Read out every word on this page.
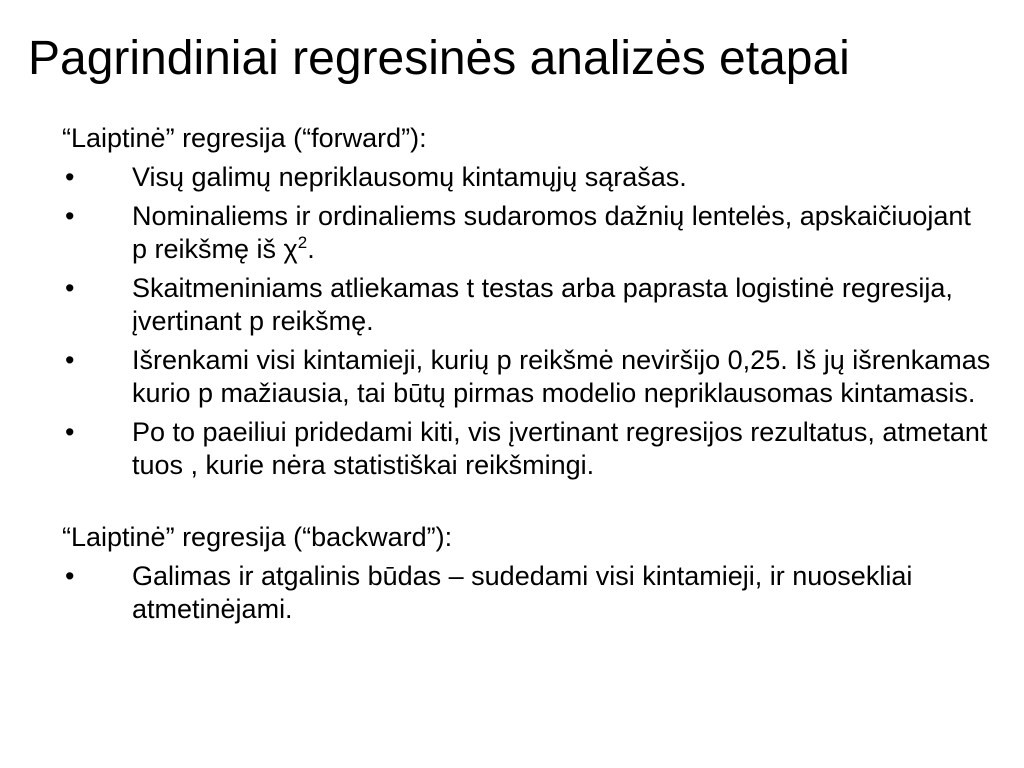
Pagrindiniai regresinės analizės etapai
“Laiptinė” regresija (“forward”):
• Visų galimų nepriklausomų kintamųjų sąrašas.
• Nominaliems ir ordinaliems sudaromos dažnių lentelės, apskaičiuojant p reikšmę iš $\chi^2$.
• Skaitmeniniams atliekamas t testas arba paprasta logistinė regresija, įvertinant p reikšmę.
• Išrenkami visi kintamieji, kurių p reikšmė neviršijo 0,25. Iš jų išrenkamas kurio p mažiausia, tai būtų pirmas modelio nepriklausomas kintamasis.
• Po to paeiliui pridedami kiti, vis įvertinant regresijos rezultatus, atmetant tuos , kurie nėra statistiškai reikšmingi.
“Laiptinė” regresija (“backward”):
• Galimas ir atgalinis būdas – sudedami visi kintamieji, ir nuosekliai atmetinėjami.
